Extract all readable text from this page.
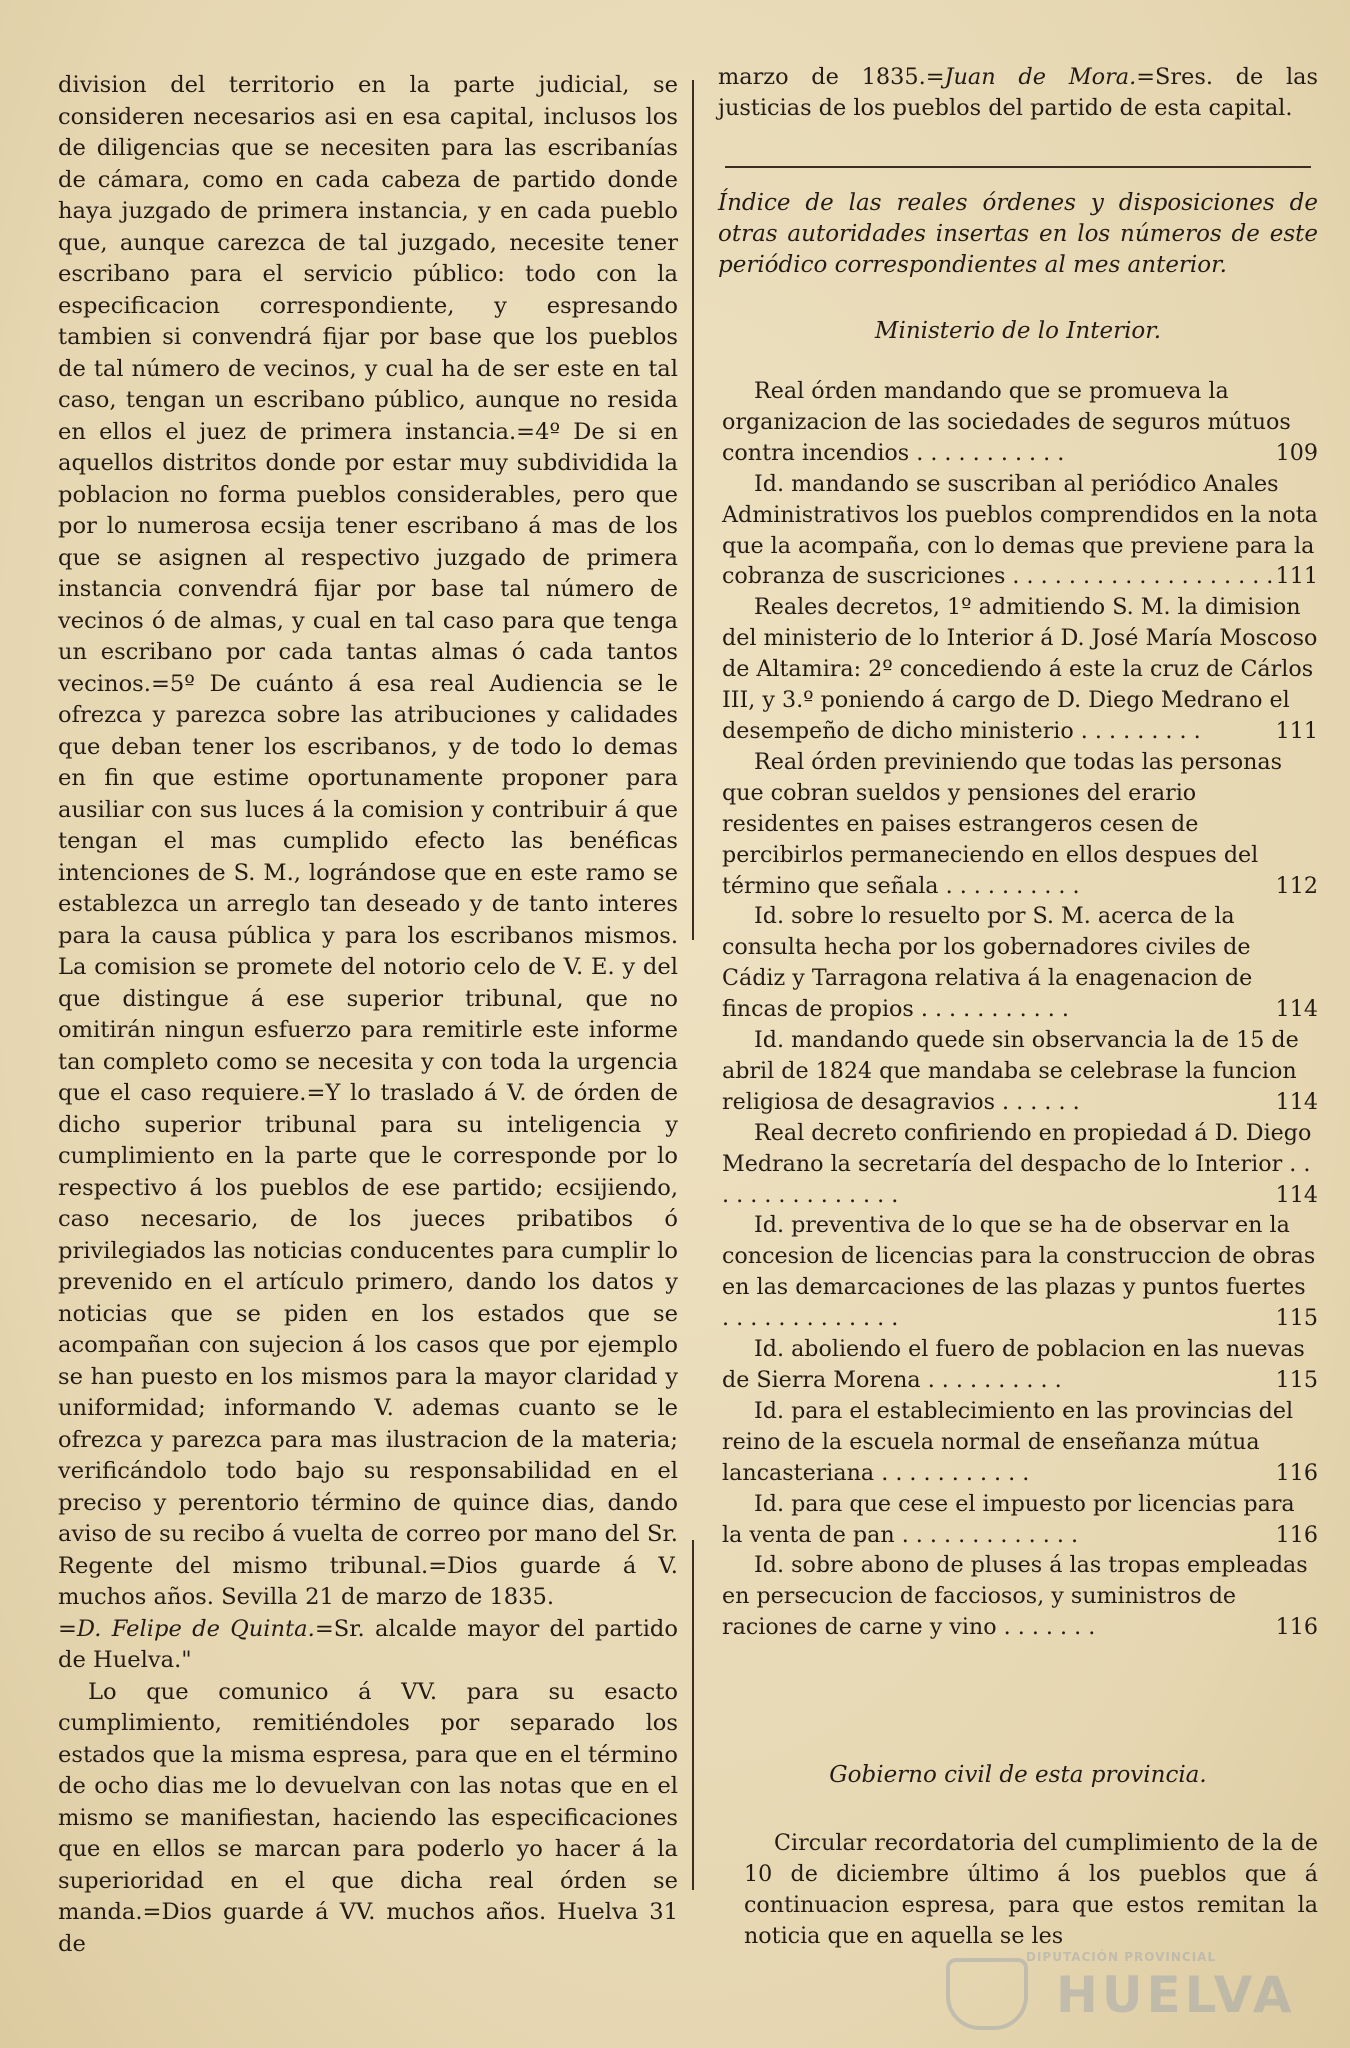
division del territorio en la parte judicial, se consideren necesarios asi en esa capital, inclusos los de diligencias que se necesiten para las escribanías de cámara, como en cada cabeza de partido donde haya juzgado de primera instancia, y en cada pueblo que, aunque carezca de tal juzgado, necesite tener escribano para el servicio público: todo con la especificacion correspondiente, y espresando tambien si convendrá fijar por base que los pueblos de tal número de vecinos, y cual ha de ser este en tal caso, tengan un escribano público, aunque no resida en ellos el juez de primera instancia.=4º De si en aquellos distritos donde por estar muy subdividida la poblacion no forma pueblos considerables, pero que por lo numerosa ecsija tener escribano á mas de los que se asignen al respectivo juzgado de primera instancia convendrá fijar por base tal número de vecinos ó de almas, y cual en tal caso para que tenga un escribano por cada tantas almas ó cada tantos vecinos.=5º De cuánto á esa real Audiencia se le ofrezca y parezca sobre las atribuciones y calidades que deban tener los escribanos, y de todo lo demas en fin que estime oportunamente proponer para ausiliar con sus luces á la comision y contribuir á que tengan el mas cumplido efecto las benéficas intenciones de S. M., lográndose que en este ramo se establezca un arreglo tan deseado y de tanto interes para la causa pública y para los escribanos mismos. La comision se promete del notorio celo de V. E. y del que distingue á ese superior tribunal, que no omitirán ningun esfuerzo para remitirle este informe tan completo como se necesita y con toda la urgencia que el caso requiere.=Y lo traslado á V. de órden de dicho superior tribunal para su inteligencia y cumplimiento en la parte que le corresponde por lo respectivo á los pueblos de ese partido; ecsijiendo, caso necesario, de los jueces pribatibos ó privilegiados las noticias conducentes para cumplir lo prevenido en el artículo primero, dando los datos y noticias que se piden en los estados que se acompañan con sujecion á los casos que por ejemplo se han puesto en los mismos para la mayor claridad y uniformidad; informando V. ademas cuanto se le ofrezca y parezca para mas ilustracion de la materia; verificándolo todo bajo su responsabilidad en el preciso y perentorio término de quince dias, dando aviso de su recibo á vuelta de correo por mano del Sr. Regente del mismo tribunal.=Dios guarde á V. muchos años. Sevilla 21 de marzo de 1835.

=D. Felipe de Quinta.=Sr. alcalde mayor del partido de Huelva."

Lo que comunico á VV. para su esacto cumplimiento, remitiéndoles por separado los estados que la misma espresa, para que en el término de ocho dias me lo devuelvan con las notas que en el mismo se manifiestan, haciendo las especificaciones que en ellos se marcan para poderlo yo hacer á la superioridad en el que dicha real órden se manda.=Dios guarde á VV. muchos años. Huelva 31 de

marzo de 1835.=Juan de Mora.=Sres. de las justicias de los pueblos del partido de esta capital.

Índice de las reales órdenes y disposiciones de otras autoridades insertas en los números de este periódico correspondientes al mes anterior.
Ministerio de lo Interior.

Real órden mandando que se promueva la organizacion de las sociedades de seguros mútuos contra incendios . . . . . . . . . . .	109

Id. mandando se suscriban al periódico Anales Administrativos los pueblos comprendidos en la nota que la acompaña, con lo demas que previene para la cobranza de suscriciones . . . . . . . . . . . . . . . . . . . 111

Reales decretos, 1º admitiendo S. M. la dimision del ministerio de lo Interior á D. José María Moscoso de Altamira: 2º concediendo á este la cruz de Cárlos III, y 3.º poniendo á cargo de D. Diego Medrano el desempeño de dicho ministerio . . . . . . . . .	111

Real órden previniendo que todas las personas que cobran sueldos y pensiones del erario residentes en paises estrangeros cesen de percibirlos permaneciendo en ellos despues del término que señala . . . . . . . . . .	112

Id. sobre lo resuelto por S. M. acerca de la consulta hecha por los gobernadores civiles de Cádiz y Tarragona relativa á la enagenacion de fincas de propios . . . . . . . . . . .	114

Id. mandando quede sin observancia la de 15 de abril de 1824 que mandaba se celebrase la funcion religiosa de desagravios . . . . . .	114

Real decreto confiriendo en propiedad á D. Diego Medrano la secretaría del despacho de lo Interior . . . . . . . . . . . . . . .	114

Id. preventiva de lo que se ha de observar en la concesion de licencias para la construccion de obras en las demarcaciones de las plazas y puntos fuertes . . . . . . . . . . . . .	115

Id. aboliendo el fuero de poblacion en las nuevas de Sierra Morena . . . . . . . . . .	115

Id. para el establecimiento en las provincias del reino de la escuela normal de enseñanza mútua lancasteriana . . . . . . . . . . .	116

Id. para que cese el impuesto por licencias para la venta de pan . . . . . . . . . . . . .	116

Id. sobre abono de pluses á las tropas empleadas en persecucion de facciosos, y suministros de raciones de carne y vino . . . . . . .	116

Gobierno civil de esta provincia.
Circular recordatoria del cumplimiento de la de 10 de diciembre último á los pueblos que á continuacion espresa, para que estos remitan la noticia que en aquella se les
DIPUTACIÓN PROVINCIAL
HUELVA
